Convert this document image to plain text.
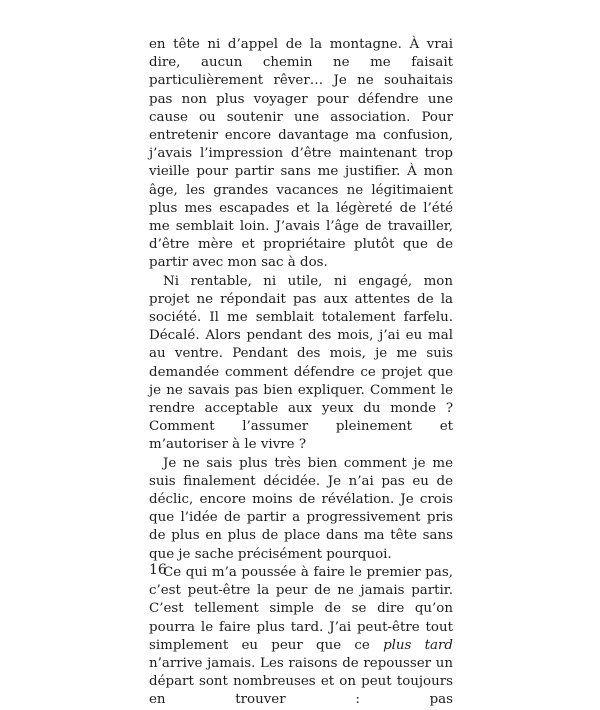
en tête ni d’appel de la montagne. À vrai dire, aucun chemin ne me faisait particulièrement rêver… Je ne souhaitais pas non plus voyager pour défendre une cause ou soutenir une association. Pour entretenir encore davantage ma confusion, j’avais l’impression d’être maintenant trop vieille pour partir sans me justifier. À mon âge, les grandes vacances ne légitimaient plus mes escapades et la légèreté de l’été me semblait loin. J’avais l’âge de travailler, d’être mère et propriétaire plutôt que de partir avec mon sac à dos.

Ni rentable, ni utile, ni engagé, mon projet ne répondait pas aux attentes de la société. Il me semblait totalement farfelu. Décalé. Alors pendant des mois, j’ai eu mal au ventre. Pendant des mois, je me suis demandée comment défendre ce projet que je ne savais pas bien expliquer. Comment le rendre acceptable aux yeux du monde ? Comment l’assumer pleinement et m’autoriser à le vivre ?

Je ne sais plus très bien comment je me suis finalement décidée. Je n’ai pas eu de déclic, encore moins de révélation. Je crois que l’idée de partir a progressivement pris de plus en plus de place dans ma tête sans que je sache précisément pourquoi.

Ce qui m’a poussée à faire le premier pas, c’est peut-être la peur de ne jamais partir. C’est tellement simple de se dire qu’on pourra le faire plus tard. J’ai peut-être tout simplement eu peur que ce plus tard n’arrive jamais. Les raisons de repousser un départ sont nombreuses et on peut toujours en trouver : pas

16
